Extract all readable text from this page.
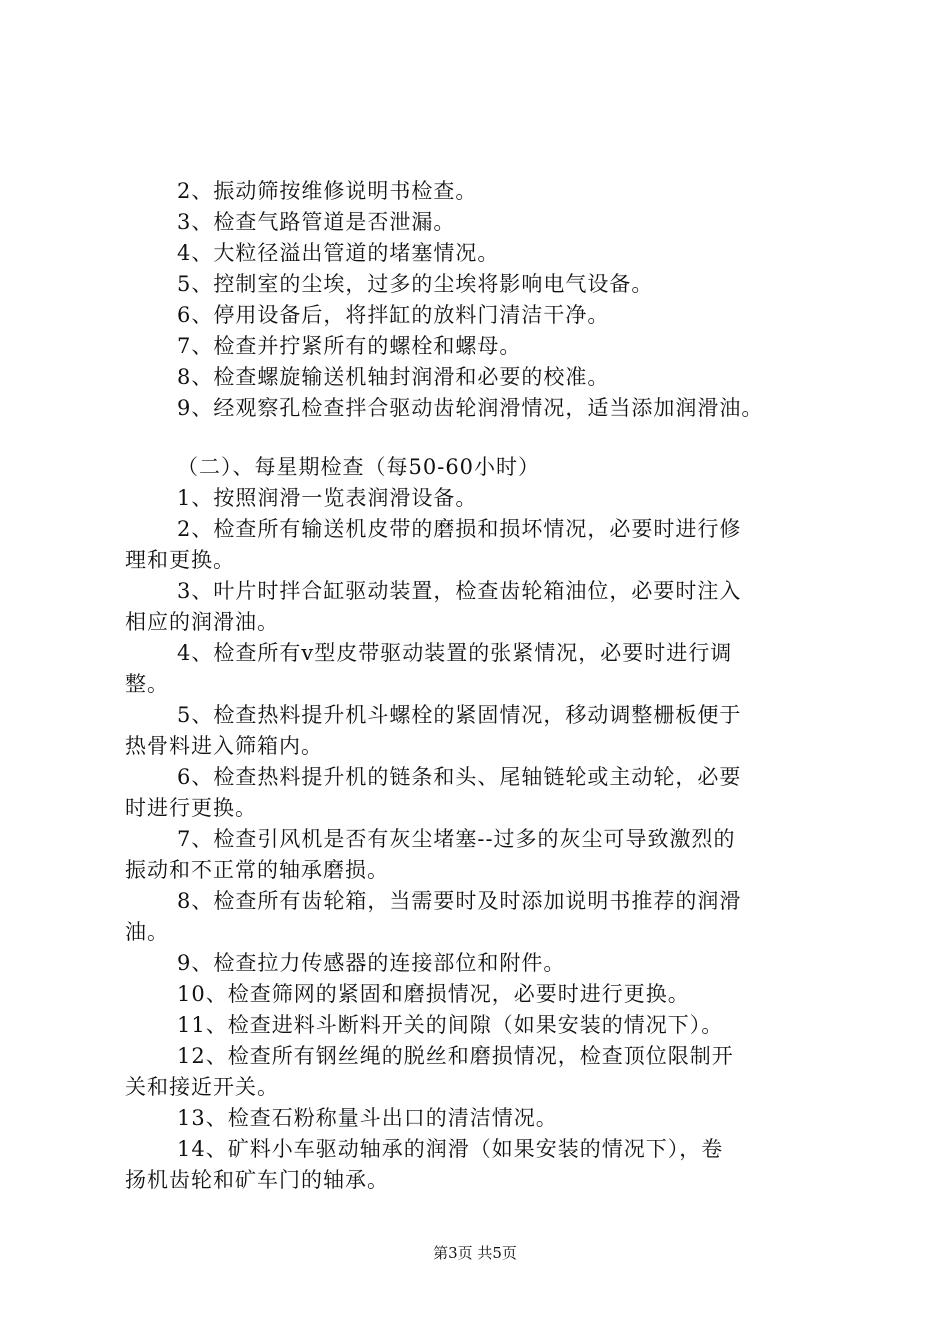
2、振动筛按维修说明书检查。
3、检查气路管道是否泄漏。
4、大粒径溢出管道的堵塞情况。
5、控制室的尘埃，过多的尘埃将影响电气设备。
6、停用设备后，将拌缸的放料门清洁干净。
7、检查并拧紧所有的螺栓和螺母。
8、检查螺旋输送机轴封润滑和必要的校准。
9、经观察孔检查拌合驱动齿轮润滑情况，适当添加润滑油。
（二）、每星期检查（每50-60小时）
1、按照润滑一览表润滑设备。
2、检查所有输送机皮带的磨损和损坏情况，必要时进行修
理和更换。
3、叶片时拌合缸驱动装置，检查齿轮箱油位，必要时注入
相应的润滑油。
4、检查所有v型皮带驱动装置的张紧情况，必要时进行调
整。
5、检查热料提升机斗螺栓的紧固情况，移动调整栅板便于
热骨料进入筛箱内。
6、检查热料提升机的链条和头、尾轴链轮或主动轮，必要
时进行更换。
7、检查引风机是否有灰尘堵塞--过多的灰尘可导致激烈的
振动和不正常的轴承磨损。
8、检查所有齿轮箱，当需要时及时添加说明书推荐的润滑
油。
9、检查拉力传感器的连接部位和附件。
10、检查筛网的紧固和磨损情况，必要时进行更换。
11、检查进料斗断料开关的间隙（如果安装的情况下）。
12、检查所有钢丝绳的脱丝和磨损情况，检查顶位限制开
关和接近开关。
13、检查石粉称量斗出口的清洁情况。
14、矿料小车驱动轴承的润滑（如果安装的情况下），卷
扬机齿轮和矿车门的轴承。
第3页 共5页
